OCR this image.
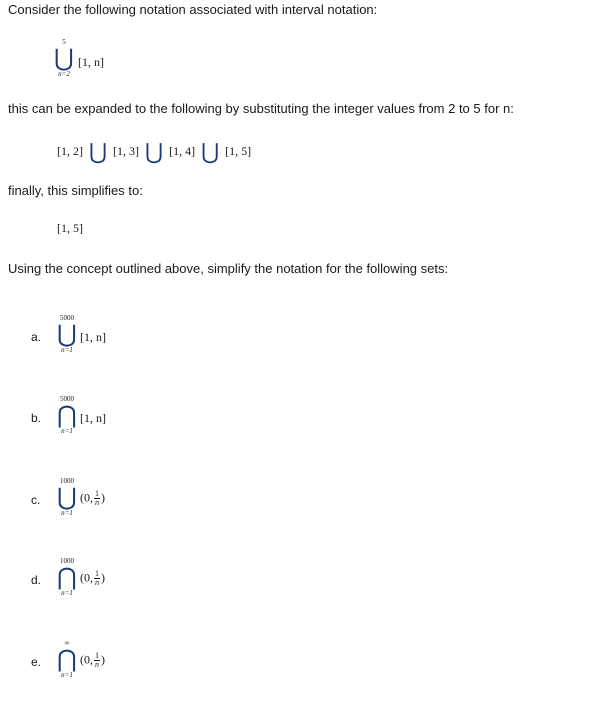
Consider the following notation associated with interval notation:
5
⋃
n=2
[1, n]
this can be expanded to the following by substituting the integer values from 2 to 5 for n:
[1, 2] ⋃ [1, 3] ⋃ [1, 4] ⋃ [1, 5]
finally, this simplifies to:
[1, 5]
Using the concept outlined above, simplify the notation for the following sets:
a.
5000
⋃
n=1
[1, n]
b.
5000
⋂
n=1
[1, n]
c.
1000
⋃
n=1
(0, $\frac{1}{n}$ )
d.
1000
⋂
n=1
(0, $\frac{1}{n}$ )
e.
∞
⋂
n=1
(0, $\frac{1}{n}$ )
